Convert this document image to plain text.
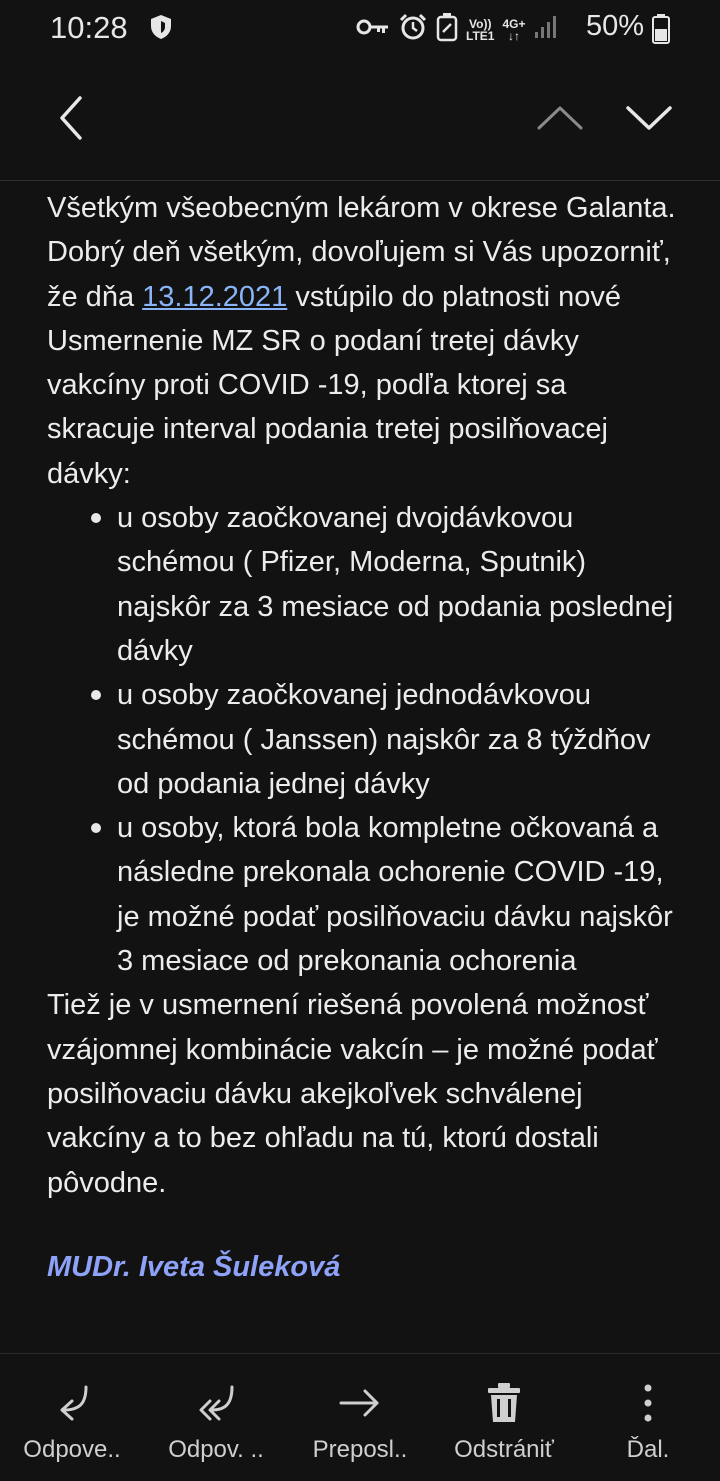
10:28	Vo))
LTE1
4G+
↓↑ 50%

Všetkým všeobecným lekárom v okrese Galanta.

Dobrý deň všetkým, dovoľujem si Vás upozorniť, že dňa 13.12.2021 vstúpilo do platnosti nové Usmernenie MZ SR o podaní tretej dávky vakcíny proti COVID -19, podľa ktorej sa skracuje interval podania tretej posilňovacej dávky:

u osoby zaočkovanej dvojdávkovou schémou ( Pfizer, Moderna, Sputnik) najskôr za 3 mesiace od podania poslednej dávky
u osoby zaočkovanej jednodávkovou schémou ( Janssen) najskôr za 8 týždňov od podania jednej dávky
u osoby, ktorá bola kompletne očkovaná a následne prekonala ochorenie COVID -19, je možné podať posilňovaciu dávku najskôr 3 mesiace od prekonania ochorenia

Tiež je v usmernení riešená povolená možnosť vzájomnej kombinácie vakcín – je možné podať posilňovaciu dávku akejkoľvek schválenej vakcíny a to bez ohľadu na tú, ktorú dostali pôvodne.

MUDr. Iveta Šuleková

Odpove.. Odpov. .. Preposl.. Odstrániť	Ďal.
